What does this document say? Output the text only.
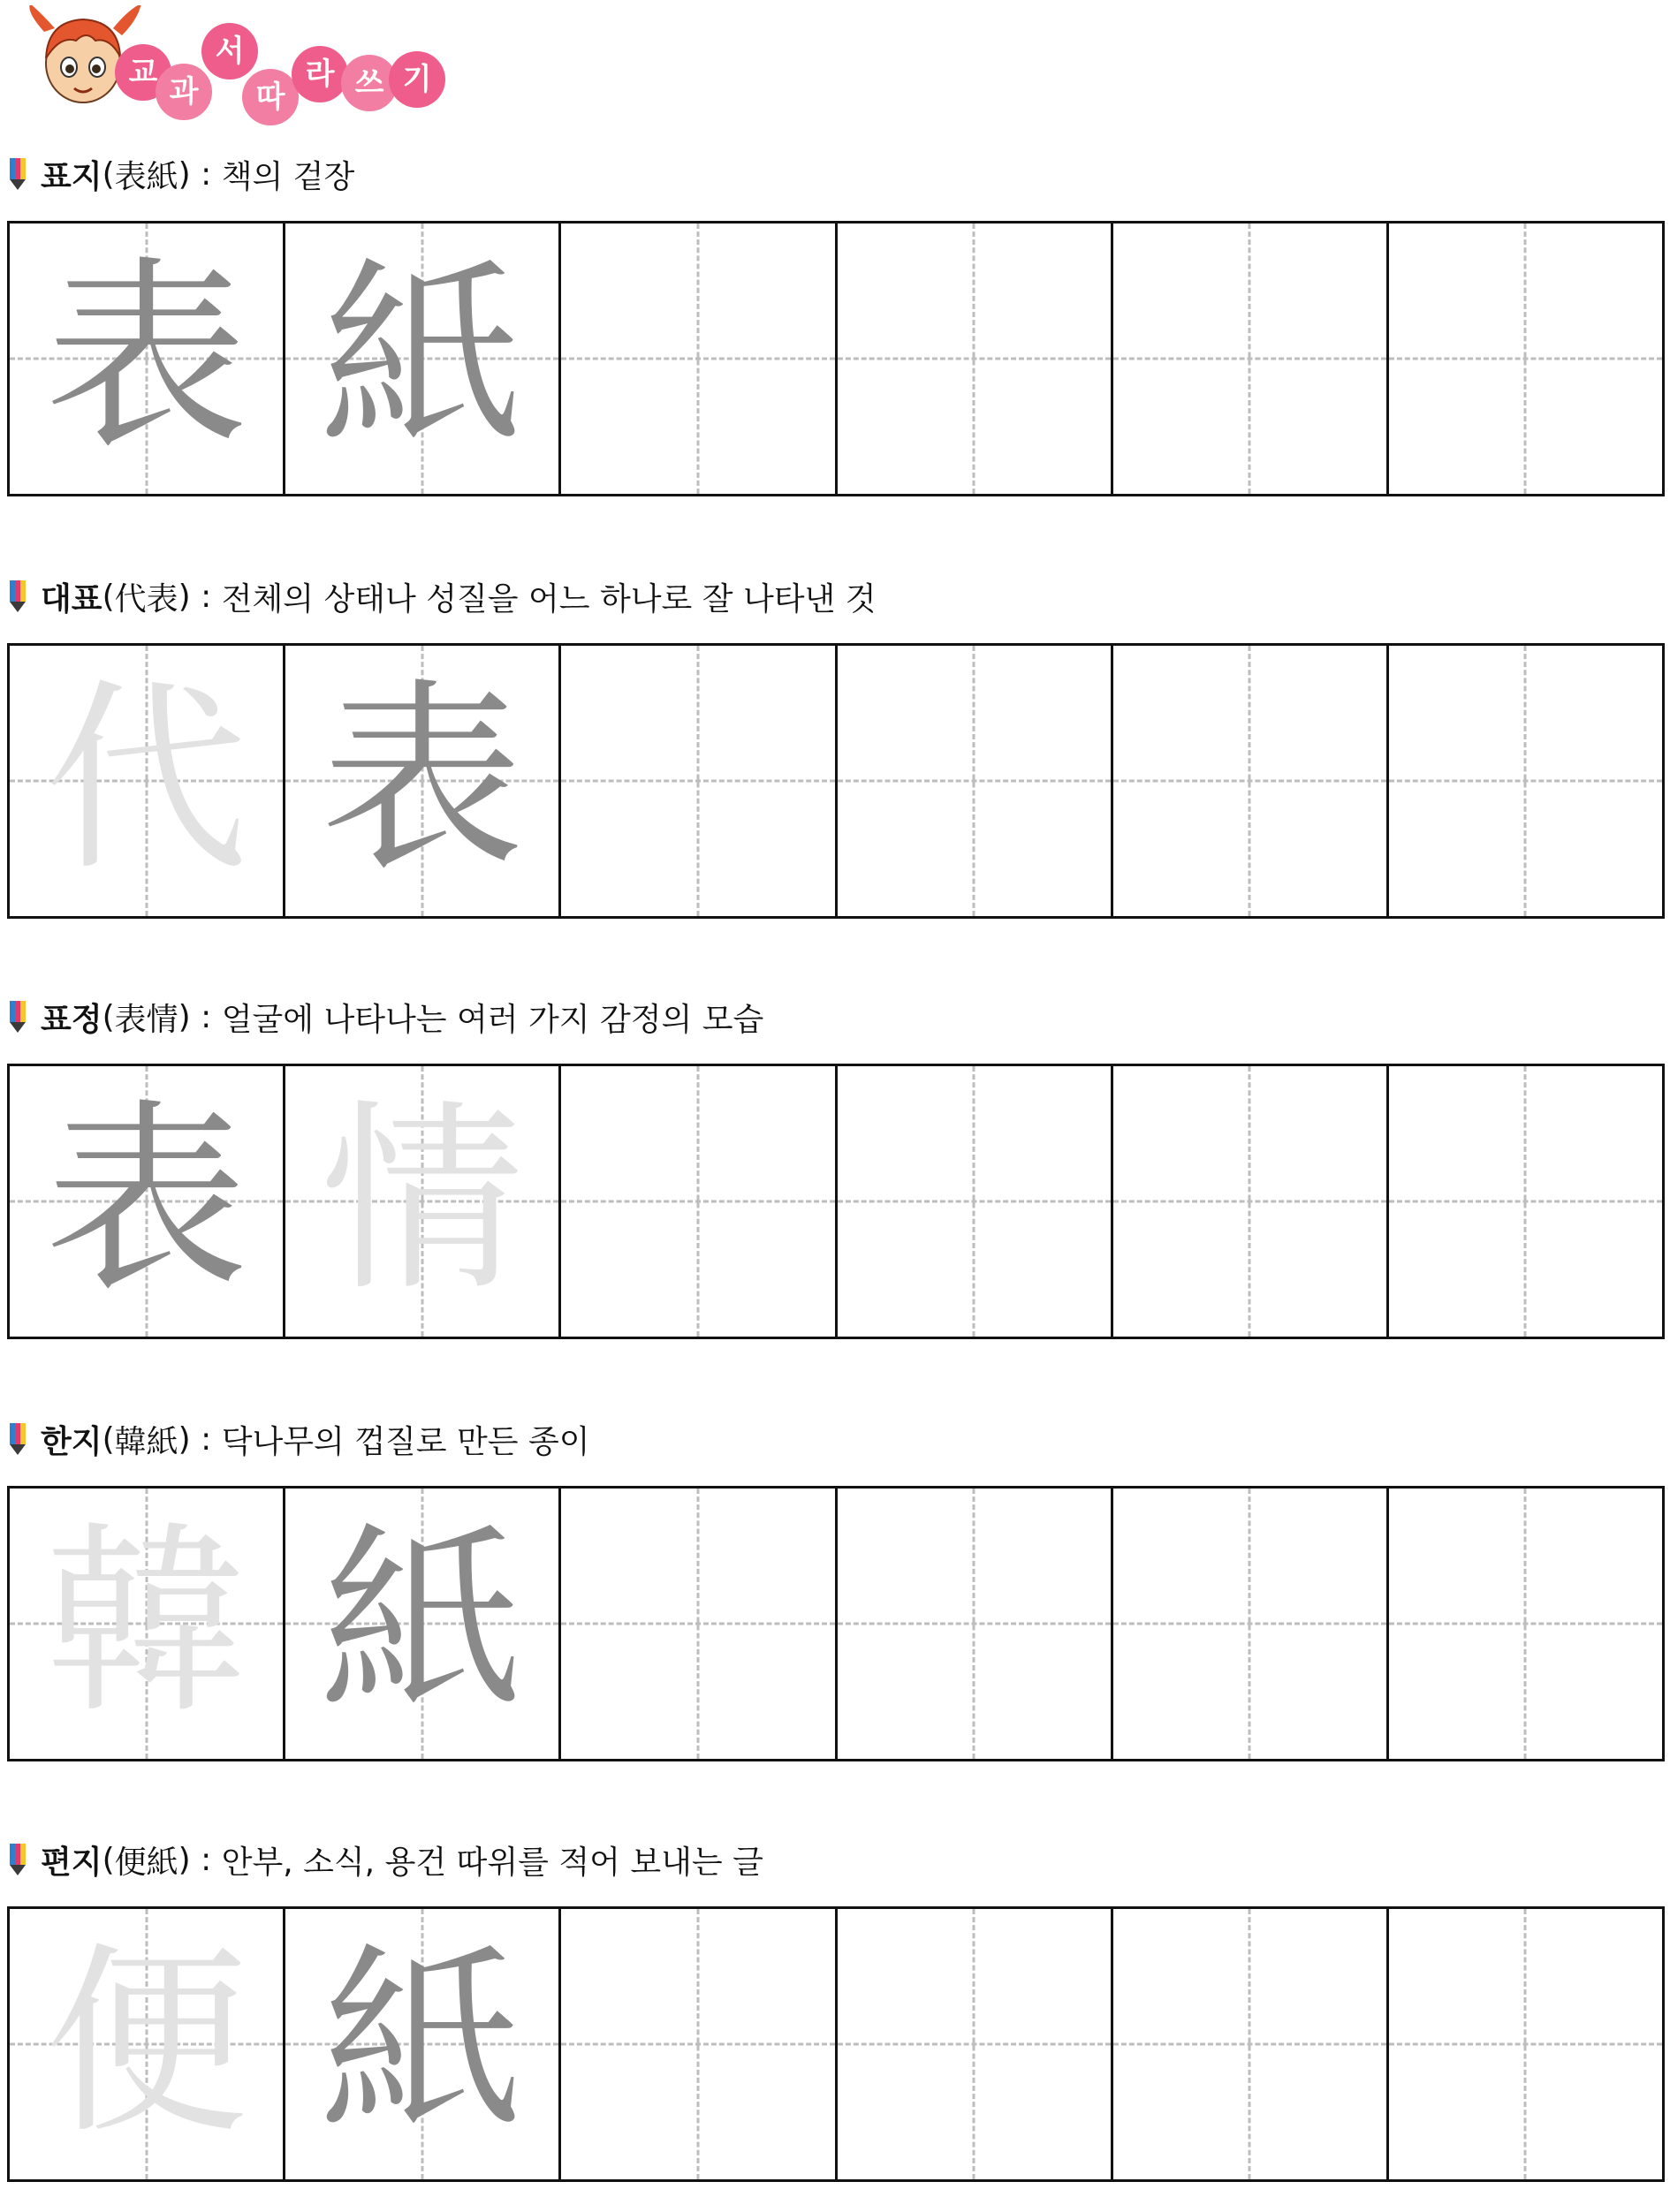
교
과
서
따
라 쓰 기
표지 ( 表紙 ) : 책의 겉장
表 紙
대표 ( 代表 ) : 전체의 상태나 성질을 어느 하나로 잘 나타낸 것
代 表
표정 ( 表情 ) : 얼굴에 나타나는 여러 가지 감정의 모습
表 情
한지 ( 韓紙 ) : 닥나무의 껍질로 만든 종이
韓 紙
편지 ( 便紙 ) : 안부, 소식, 용건 따위를 적어 보내는 글
便 紙
